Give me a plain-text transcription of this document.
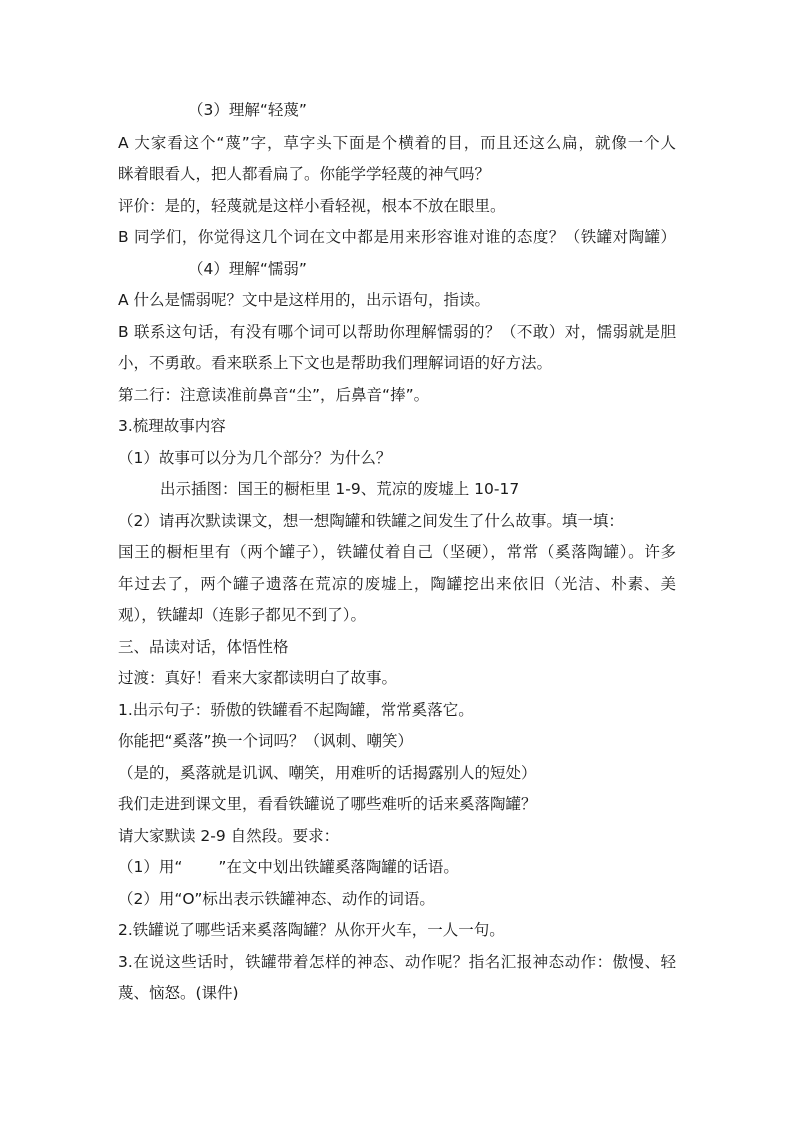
（3）理解“轻蔑”
A 大家看这个“蔑”字，草字头下面是个横着的目，而且还这么扁，就像一个人
眯着眼看人，把人都看扁了。你能学学轻蔑的神气吗？
评价：是的，轻蔑就是这样小看轻视，根本不放在眼里。
B 同学们，你觉得这几个词在文中都是用来形容谁对谁的态度？（铁罐对陶罐）
（4）理解“懦弱”
A 什么是懦弱呢？文中是这样用的，出示语句，指读。
B 联系这句话，有没有哪个词可以帮助你理解懦弱的？（不敢）对，懦弱就是胆
小，不勇敢。看来联系上下文也是帮助我们理解词语的好方法。
第二行：注意读准前鼻音“尘”，后鼻音“捧”。
3.梳理故事内容
（1）故事可以分为几个部分？为什么？
出示插图：国王的橱柜里 1-9、荒凉的废墟上 10-17
（2）请再次默读课文，想一想陶罐和铁罐之间发生了什么故事。填一填：
国王的橱柜里有（两个罐子），铁罐仗着自己（坚硬），常常（奚落陶罐）。许多
年过去了，两个罐子遗落在荒凉的废墟上，陶罐挖出来依旧（光洁、朴素、美
观），铁罐却（连影子都见不到了）。
三、品读对话，体悟性格
过渡：真好！看来大家都读明白了故事。
1.出示句子：骄傲的铁罐看不起陶罐，常常奚落它。
你能把“奚落”换一个词吗？（讽刺、嘲笑）
（是的，奚落就是讥讽、嘲笑，用难听的话揭露别人的短处）
我们走进到课文里，看看铁罐说了哪些难听的话来奚落陶罐？
请大家默读 2-9 自然段。要求：
（1）用“ ”在文中划出铁罐奚落陶罐的话语。
（2）用“O”标出表示铁罐神态、动作的词语。
2.铁罐说了哪些话来奚落陶罐？从你开火车，一人一句。
3.在说这些话时，铁罐带着怎样的神态、动作呢？指名汇报神态动作：傲慢、轻
蔑、恼怒。(课件)
